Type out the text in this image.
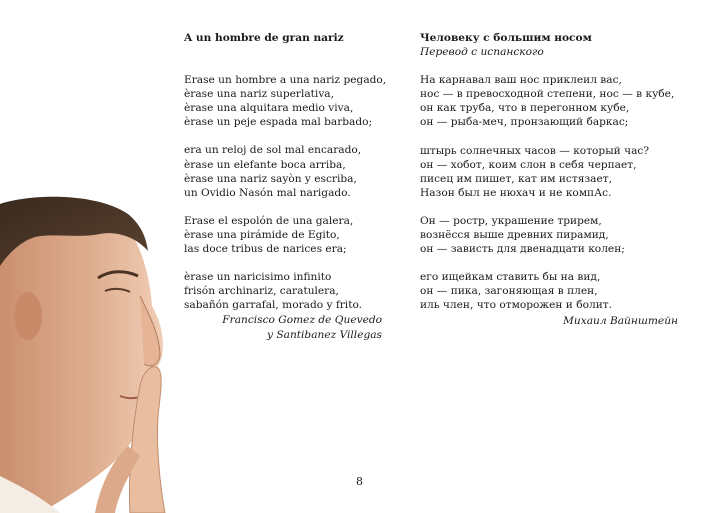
A un hombre de gran nariz
Erase un hombre a una nariz pegado,
èrase una nariz superlativa,
èrase una alquitara medio viva,
èrase un peje espada mal barbado;
era un reloj de sol mal encarado,
èrase un elefante boca arriba,
èrase una nariz sayòn y escriba,
un Ovidio Nasón mal narigado.
Erase el espolón de una galera,
èrase una pirámide de Egito,
las doce tribus de narices era;
èrase un naricisimo infinito
frisón archinariz, caratulera,
sabañón garrafal, morado y frito.
Francisco Gomez de Quevedo
y Santibanez Villegas
Человеку с большим носом
Перевод с испанского
На карнавал ваш нос приклеил вас,
нос — в превосходной степени, нос — в кубе,
он как труба, что в перегонном кубе,
он — рыба-меч, пронзающий баркас;
штырь солнечных часов — который час?
он — хобот, коим слон в себя черпает,
писец им пишет, кат им истязает,
Назон был не нюхач и не компАс.
Он — ростр, украшение трирем,
вознёсся выше древних пирамид,
он — зависть для двенадцати колен;
его ищейкам ставить бы на вид,
он — пика, загоняющая в плен,
иль член, что отморожен и болит.
Михаил Вайнштейн
8
